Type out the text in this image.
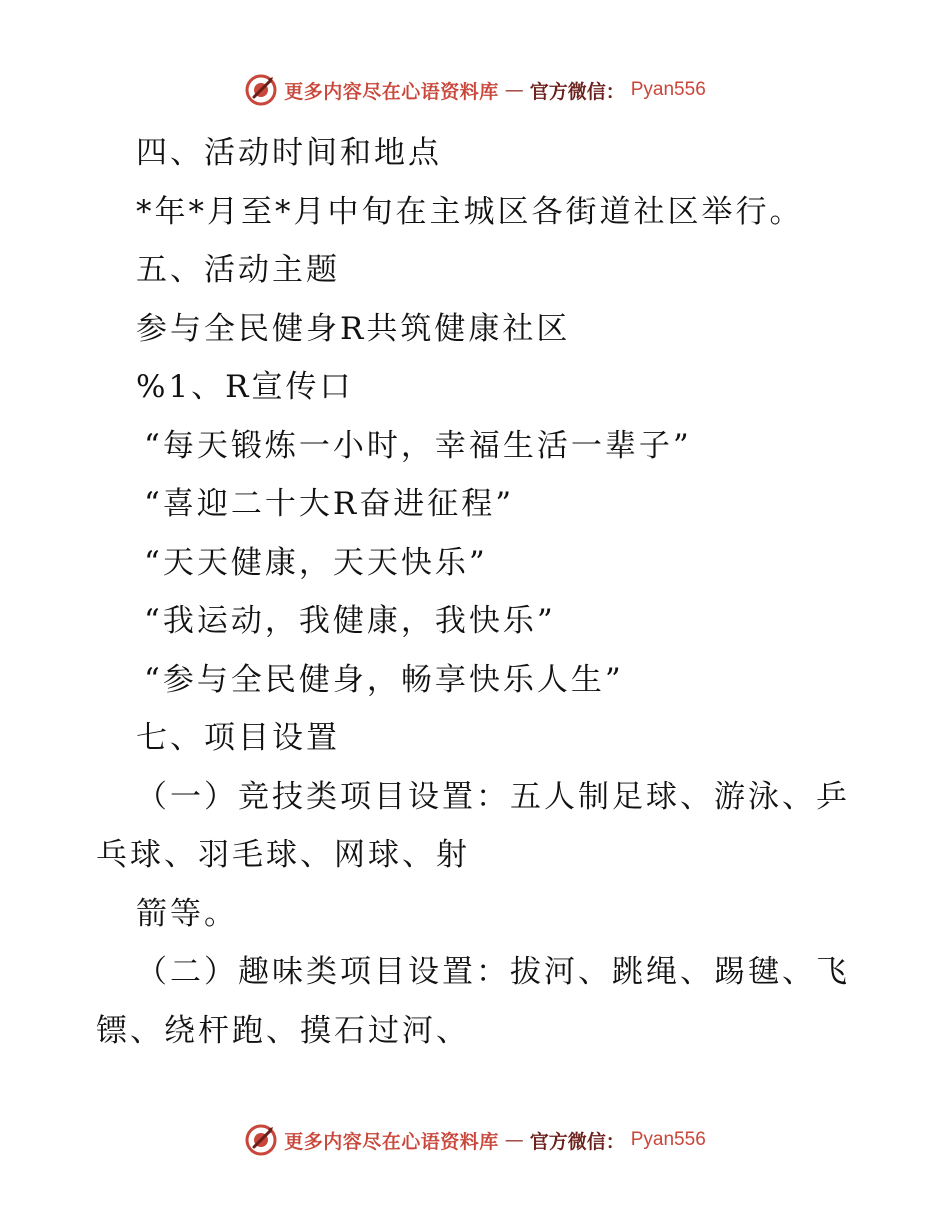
更多内容尽在心语资料库 — 官方微信： Pyan556
四、活动时间和地点
*年*月至*月中旬在主城区各街道社区举行。
五、活动主题
参与全民健身R共筑健康社区
%1、R宣传口
“每天锻炼一小时，幸福生活一辈子”
“喜迎二十大R奋进征程”
“天天健康，天天快乐”
“我运动，我健康，我快乐”
“参与全民健身，畅享快乐人生”
七、项目设置
（一）竞技类项目设置：五人制足球、游泳、乒
乓球、羽毛球、网球、射
箭等。
（二）趣味类项目设置：拔河、跳绳、踢毽、飞
镖、绕杆跑、摸石过河、
更多内容尽在心语资料库 — 官方微信： Pyan556
